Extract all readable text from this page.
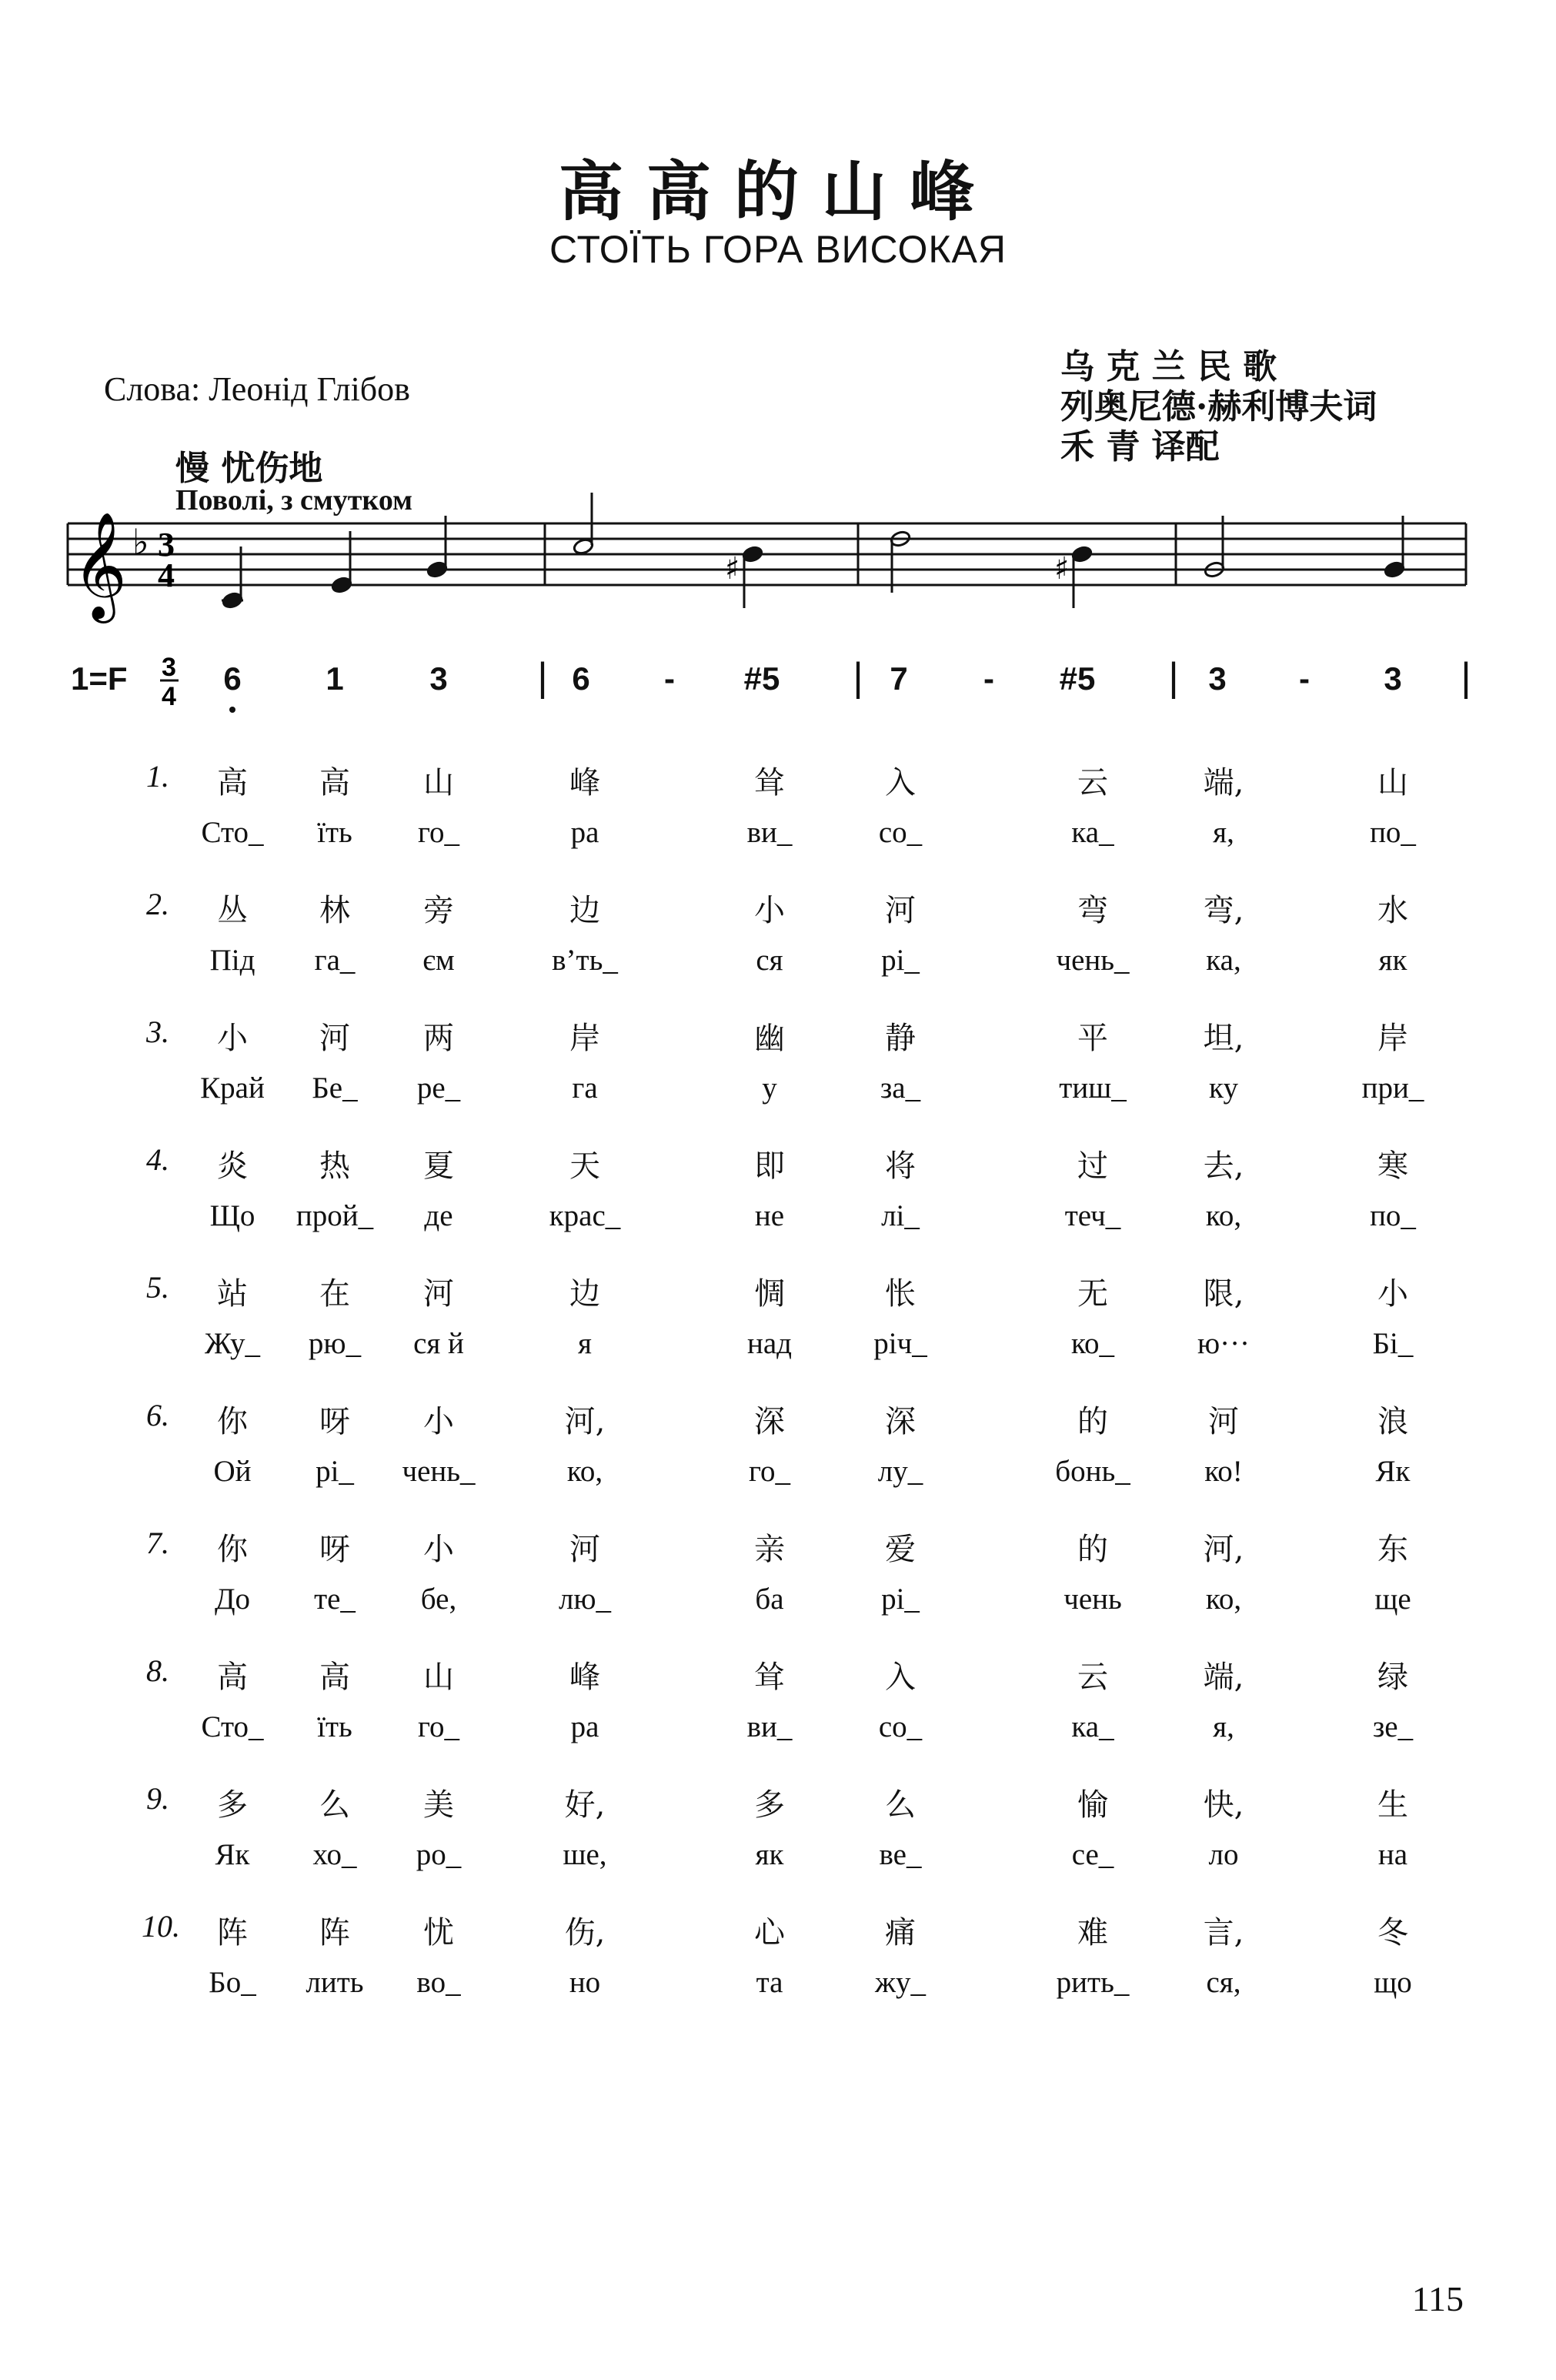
高高的山峰
СТОЇТЬ ГОРА ВИСОКАЯ
Слова: Леонід Глібов
乌 克 兰 民 歌
列奥尼德·赫利博夫词
禾 青 译配
慢 忧伤地
Поволі, з смутком
𝄞 ♭ 3
4	♯	♯
3
4
1=F	6	1	3 | 6 - #5 | 7 - #5 | 3 - 3 |
1. 高 高 山	峰	耸	入	云	端,	山
Сто_ їть го_	ра	ви_	со_	ка_	я,	по_
2. 丛 林 旁	边	小	河	弯	弯,	水
Під га_ єм	в’ть_	ся	рі_	чень_	ка,	як
3. 小 河 两	岸	幽	静	平	坦,	岸
Край Бе_ ре_	га	у	за_	тиш_	ку	при_
4. 炎 热 夏	天	即	将	过	去,	寒
Що прой_ де	крас_	не	лі_	теч_	ко,	по_
5. 站 在 河	边	惆	怅	无	限,	小
Жу_ рю_ ся й	я	над	річ_	ко_	ю···	Бі_
6. 你 呀 小	河,	深	深	的	河	浪
Ой рі_ чень_	ко,	го_	лу_	бонь_ ко!	Як
7. 你 呀 小	河	亲	爱	的	河,	东
До те_ бе,	лю_	ба	рі_	чень	ко,	ще
8. 高 高 山	峰	耸	入	云	端,	绿
Сто_ їть го_	ра	ви_	со_	ка_	я,	зе_
9. 多 么 美	好,	多	么	愉	快,	生
Як хо_ ро_	ше,	як	ве_	се_	ло	на
10. 阵 阵 忧	伤,	心	痛	难	言,	冬
Бо_ лить во_	но	та	жу_	рить_	ся,	що
115
